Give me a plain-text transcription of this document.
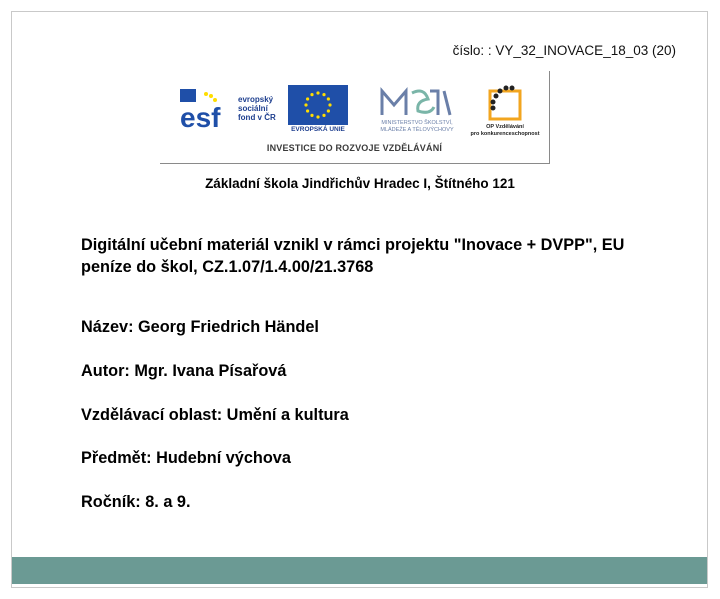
číslo: : VY_32_INOVACE_18_03 (20)
esf
evropský
sociální
fond v ČR
EVROPSKÁ UNIE
MINISTERSTVO ŠKOLSTVÍ,
MLÁDEŽE A TĚLOVÝCHOVY	OP Vzdělávání
pro konkurenceschopnost
INVESTICE DO ROZVOJE VZDĚLÁVÁNÍ
Základní škola Jindřichův Hradec I, Štítného 121

Digitální učební materiál vznikl v rámci projektu "Inovace + DVPP", EU peníze do škol, CZ.1.07/1.4.00/21.3768

Název: Georg Friedrich Händel
Autor: Mgr. Ivana Písařová
Vzdělávací oblast: Umění a kultura
Předmět: Hudební výchova
Ročník: 8. a 9.
